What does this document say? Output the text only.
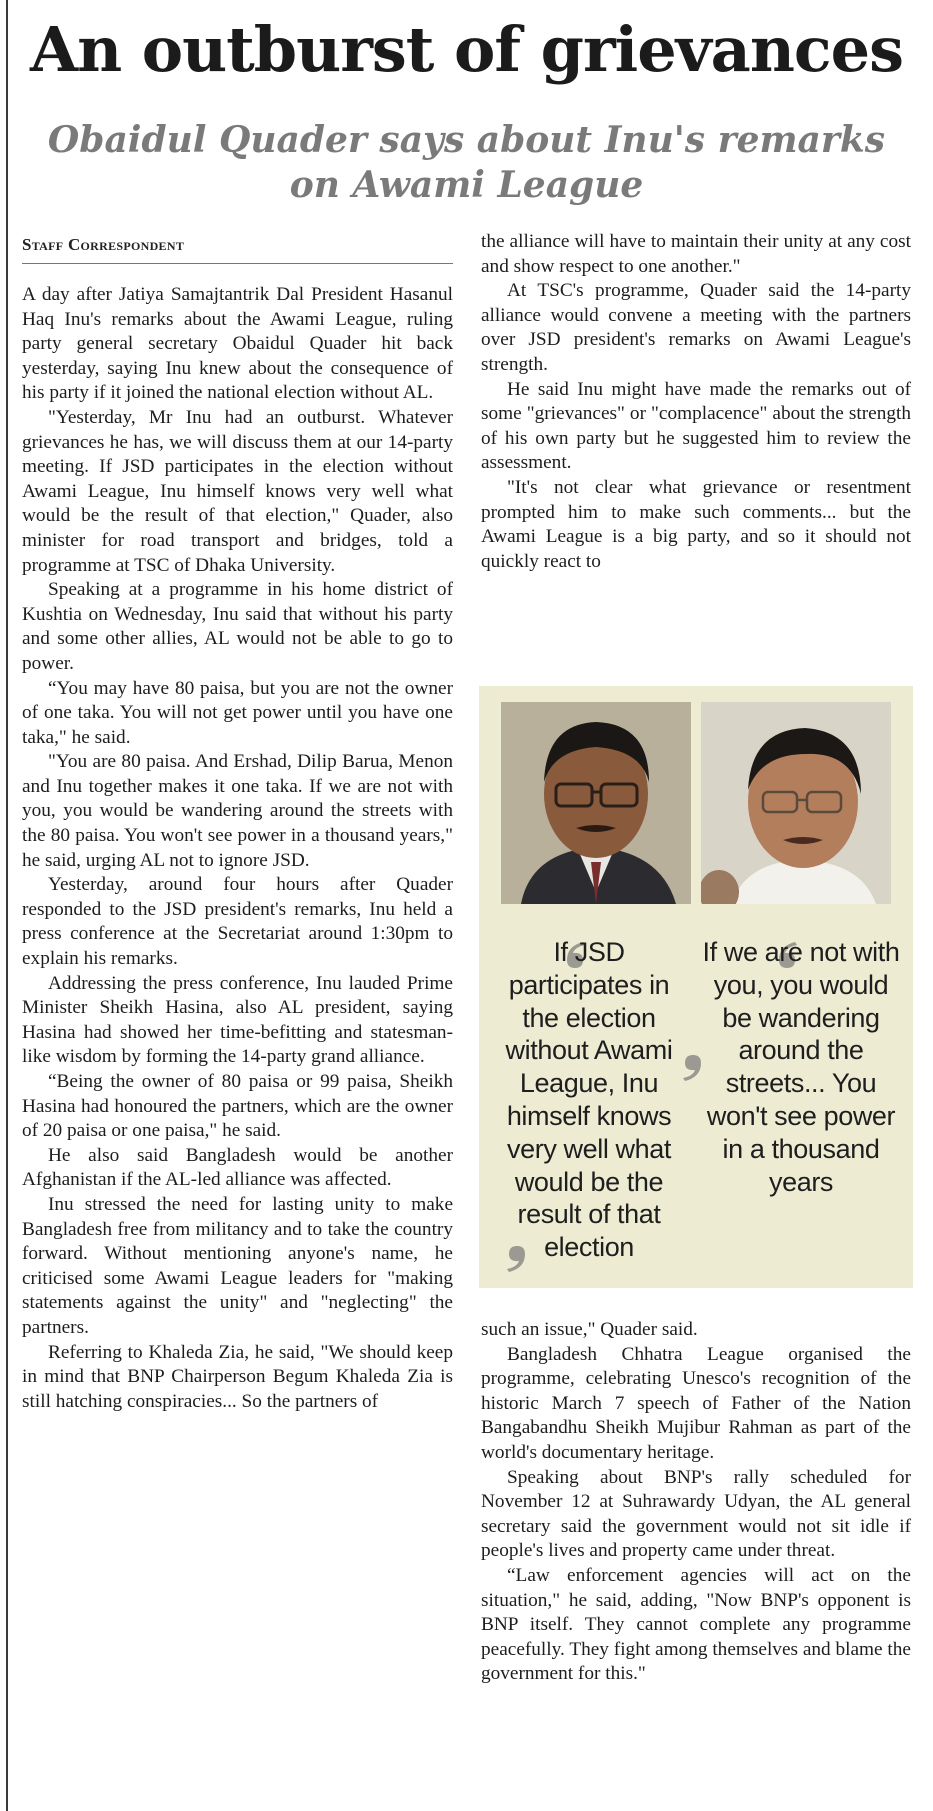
An outburst of grievances
Obaidul Quader says about Inu's remarks on Awami League
Staff Correspondent

A day after Jatiya Samajtantrik Dal President Hasanul Haq Inu's remarks about the Awami League, ruling party general secretary Obaidul Quader hit back yesterday, saying Inu knew about the consequence of his party if it joined the national election without AL.

"Yesterday, Mr Inu had an outburst. Whatever grievances he has, we will discuss them at our 14-party meeting. If JSD participates in the election without Awami League, Inu himself knows very well what would be the result of that election," Quader, also minister for road transport and bridges, told a programme at TSC of Dhaka University.

Speaking at a programme in his home district of Kushtia on Wednesday, Inu said that without his party and some other allies, AL would not be able to go to power.

“You may have 80 paisa, but you are not the owner of one taka. You will not get power until you have one taka," he said.

"You are 80 paisa. And Ershad, Dilip Barua, Menon and Inu together makes it one taka. If we are not with you, you would be wandering around the streets with the 80 paisa. You won't see power in a thousand years," he said, urging AL not to ignore JSD.

Yesterday, around four hours after Quader responded to the JSD president's remarks, Inu held a press conference at the Secretariat around 1:30pm to explain his remarks.

Addressing the press conference, Inu lauded Prime Minister Sheikh Hasina, also AL president, saying Hasina had showed her time-befitting and statesman-like wisdom by forming the 14-party grand alliance.

“Being the owner of 80 paisa or 99 paisa, Sheikh Hasina had honoured the partners, which are the owner of 20 paisa or one paisa," he said.

He also said Bangladesh would be another Afghanistan if the AL-led alliance was affected.

Inu stressed the need for lasting unity to make Bangladesh free from militancy and to take the country forward. Without mentioning anyone's name, he criticised some Awami League leaders for "making statements against the unity" and "neglecting" the partners.

Referring to Khaleda Zia, he said, "We should keep in mind that BNP Chairperson Begum Khaleda Zia is still hatching conspiracies... So the partners of

the alliance will have to maintain their unity at any cost and show respect to one another."

At TSC's programme, Quader said the 14-party alliance would convene a meeting with the partners over JSD president's remarks on Awami League's strength.

He said Inu might have made the remarks out of some "grievances" or "complacence" about the strength of his own party but he suggested him to review the assessment.

"It's not clear what grievance or resentment prompted him to make such comments... but the Awami League is a big party, and so it should not quickly react to

If JSD participates in the election without Awami League, Inu himself knows very well what would be the result of that election
If we are not with you, you would be wandering around the streets... You won't see power in a thousand years

such an issue," Quader said.

Bangladesh Chhatra League organised the programme, celebrating Unesco's recognition of the historic March 7 speech of Father of the Nation Bangabandhu Sheikh Mujibur Rahman as part of the world's documentary heritage.

Speaking about BNP's rally scheduled for November 12 at Suhrawardy Udyan, the AL general secretary said the government would not sit idle if people's lives and property came under threat.

“Law enforcement agencies will act on the situation," he said, adding, "Now BNP's opponent is BNP itself. They cannot complete any programme peacefully. They fight among themselves and blame the government for this."
